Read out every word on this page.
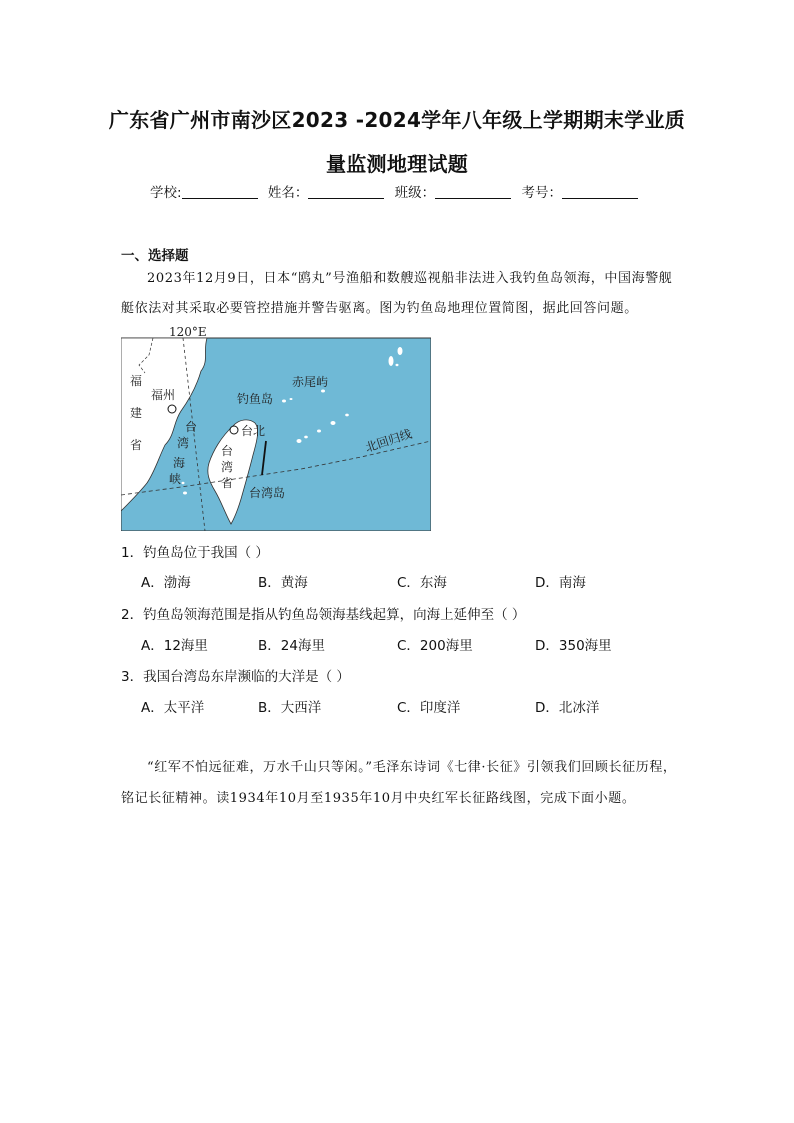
广东省广州市南沙区2023 -2024学年八年级上学期期末学业质
量监测地理试题
学校:	姓名：	班级：	考号：
一、选择题
2023年12月9日，日本“鸥丸”号渔船和数艘巡视船非法进入我钓鱼岛领海，中国海警舰艇依法对其采取必要管控措施并警告驱离。图为钓鱼岛地理位置简图，据此回答问题。
120°E
福
建
省
福州
台
湾
海
峡
钓鱼岛
赤尾屿
台北
台
湾
省
北回归线
台湾岛
1．钓鱼岛位于我国（ ）
A．渤海	B．黄海	C．东海	D．南海
2．钓鱼岛领海范围是指从钓鱼岛领海基线起算，向海上延伸至（ ）
A．12海里	B．24海里	C．200海里	D．350海里
3．我国台湾岛东岸濒临的大洋是（ ）
A．太平洋	B．大西洋	C．印度洋	D．北冰洋
“红军不怕远征难，万水千山只等闲。”毛泽东诗词《七律·长征》引领我们回顾长征历程，铭记长征精神。读1934年10月至1935年10月中央红军长征路线图，完成下面小题。
